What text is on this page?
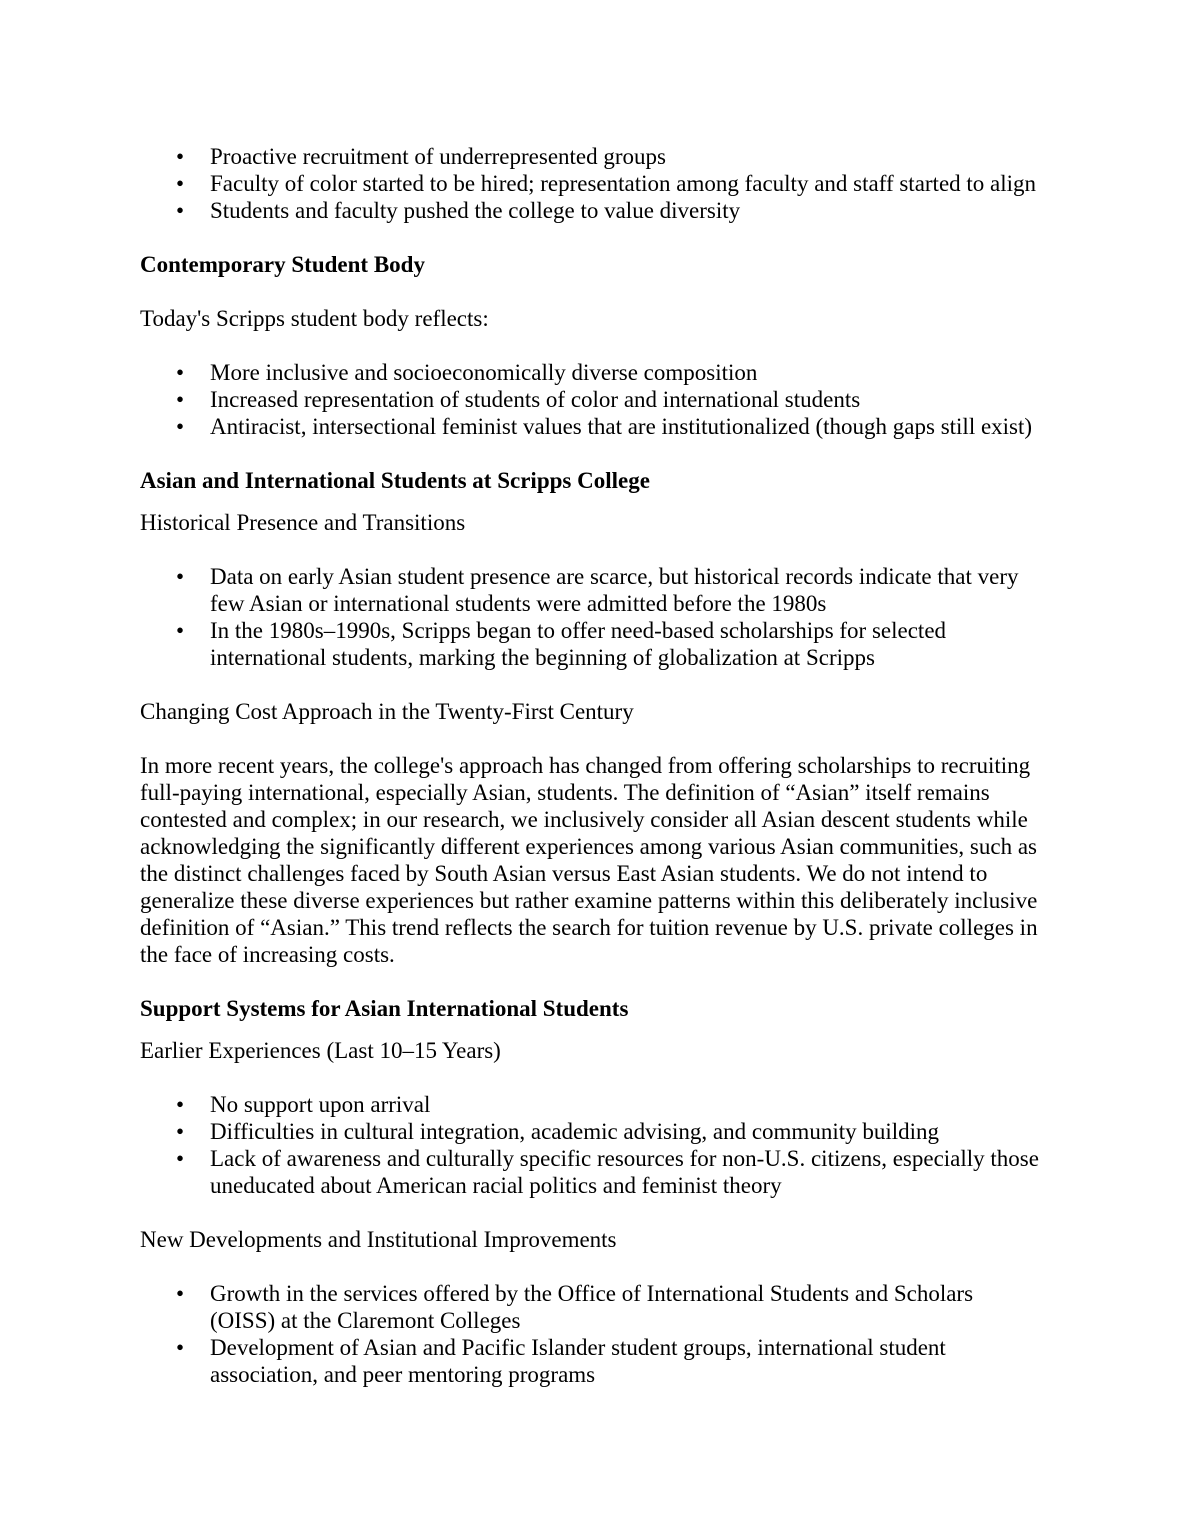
•
Proactive recruitment of underrepresented groups
•
Faculty of color started to be hired; representation among faculty and staff started to align
•
Students and faculty pushed the college to value diversity
Contemporary Student Body

Today's Scripps student body reflects:

•
More inclusive and socioeconomically diverse composition
•
Increased representation of students of color and international students
•
Antiracist, intersectional feminist values that are institutionalized (though gaps still exist)
Asian and International Students at Scripps College

Historical Presence and Transitions

•
Data on early Asian student presence are scarce, but historical records indicate that very few Asian or international students were admitted before the 1980s
•
In the 1980s–1990s, Scripps began to offer need-based scholarships for selected international students, marking the beginning of globalization at Scripps

Changing Cost Approach in the Twenty-First Century

In more recent years, the college's approach has changed from offering scholarships to recruiting full-paying international, especially Asian, students. The definition of “Asian” itself remains contested and complex; in our research, we inclusively consider all Asian descent students while acknowledging the significantly different experiences among various Asian communities, such as the distinct challenges faced by South Asian versus East Asian students. We do not intend to generalize these diverse experiences but rather examine patterns within this deliberately inclusive definition of “Asian.” This trend reflects the search for tuition revenue by U.S. private colleges in the face of increasing costs.

Support Systems for Asian International Students

Earlier Experiences (Last 10–15 Years)

•
No support upon arrival
•
Difficulties in cultural integration, academic advising, and community building
•
Lack of awareness and culturally specific resources for non-U.S. citizens, especially those uneducated about American racial politics and feminist theory

New Developments and Institutional Improvements

•
Growth in the services offered by the Office of International Students and Scholars (OISS) at the Claremont Colleges
•
Development of Asian and Pacific Islander student groups, international student association, and peer mentoring programs
